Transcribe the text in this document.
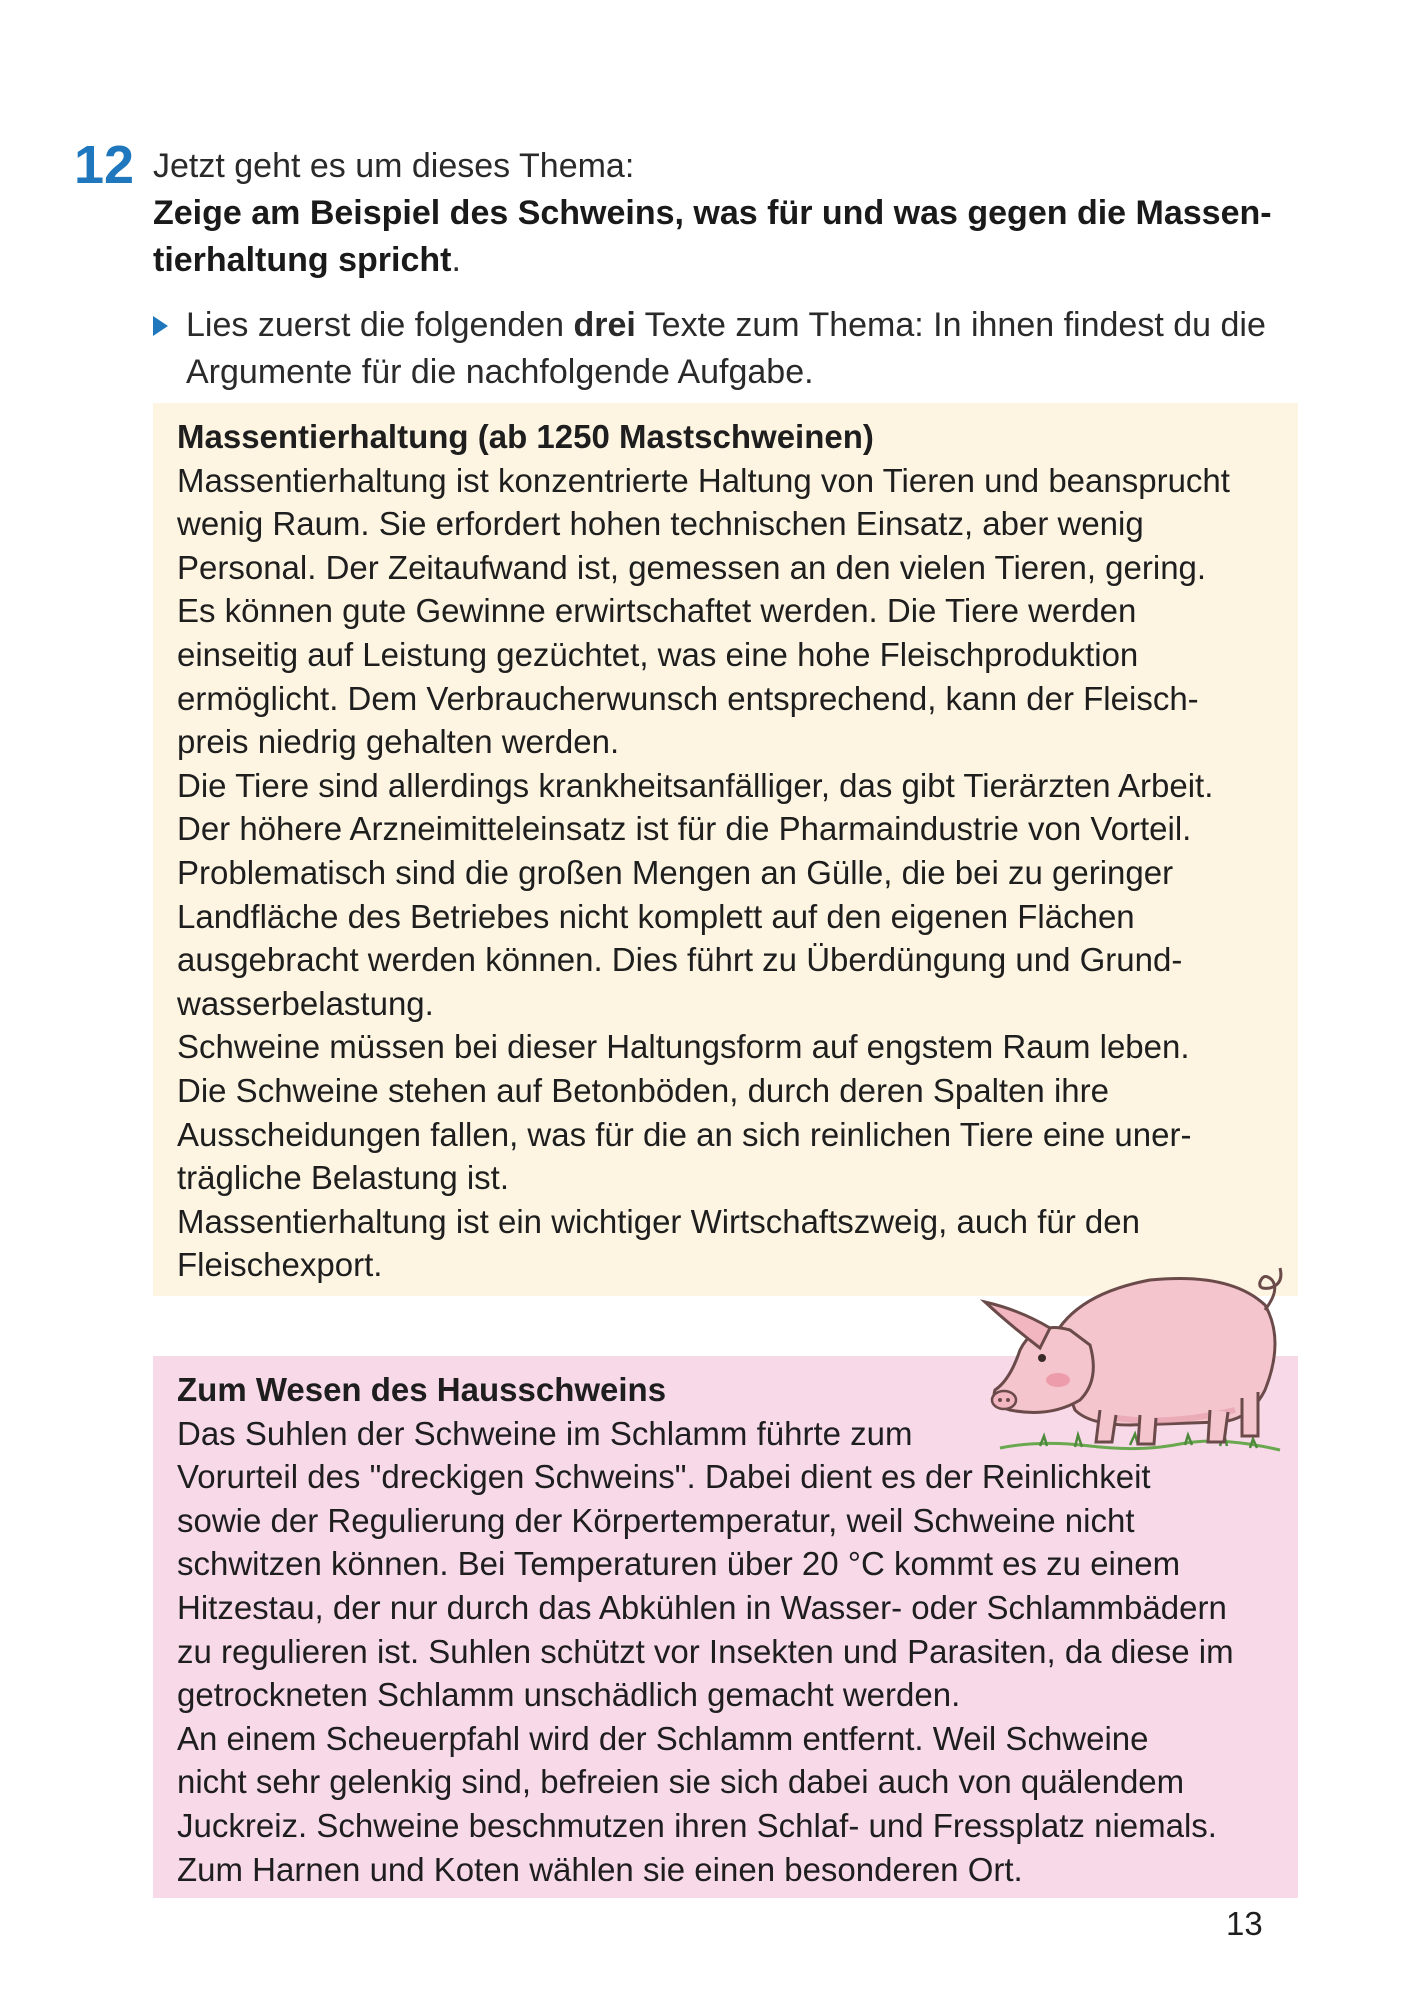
12 Jetzt geht es um dieses Thema:
Zeige am Beispiel des Schweins, was für und was gegen die Massen-
tierhaltung spricht.
Lies zuerst die folgenden drei Texte zum Thema: In ihnen findest du die
Argumente für die nachfolgende Aufgabe.
Massentierhaltung (ab 1250 Mastschweinen)
Massentierhaltung ist konzentrierte Haltung von Tieren und beansprucht
wenig Raum. Sie erfordert hohen technischen Einsatz, aber wenig
Personal. Der Zeitaufwand ist, gemessen an den vielen Tieren, gering.
Es können gute Gewinne erwirtschaftet werden. Die Tiere werden
einseitig auf Leistung gezüchtet, was eine hohe Fleischproduktion
ermöglicht. Dem Verbraucherwunsch entsprechend, kann der Fleisch-
preis niedrig gehalten werden.
Die Tiere sind allerdings krankheitsanfälliger, das gibt Tierärzten Arbeit.
Der höhere Arzneimitteleinsatz ist für die Pharmaindustrie von Vorteil.
Problematisch sind die großen Mengen an Gülle, die bei zu geringer
Landfläche des Betriebes nicht komplett auf den eigenen Flächen
ausgebracht werden können. Dies führt zu Überdüngung und Grund-
wasserbelastung.
Schweine müssen bei dieser Haltungsform auf engstem Raum leben.
Die Schweine stehen auf Betonböden, durch deren Spalten ihre
Ausscheidungen fallen, was für die an sich reinlichen Tiere eine uner-
trägliche Belastung ist.
Massentierhaltung ist ein wichtiger Wirtschaftszweig, auch für den
Fleischexport.
Zum Wesen des Hausschweins
Das Suhlen der Schweine im Schlamm führte zum
Vorurteil des "dreckigen Schweins". Dabei dient es der Reinlichkeit
sowie der Regulierung der Körpertemperatur, weil Schweine nicht
schwitzen können. Bei Temperaturen über 20 °C kommt es zu einem
Hitzestau, der nur durch das Abkühlen in Wasser- oder Schlammbädern
zu regulieren ist. Suhlen schützt vor Insekten und Parasiten, da diese im
getrockneten Schlamm unschädlich gemacht werden.
An einem Scheuerpfahl wird der Schlamm entfernt. Weil Schweine
nicht sehr gelenkig sind, befreien sie sich dabei auch von quälendem
Juckreiz. Schweine beschmutzen ihren Schlaf- und Fressplatz niemals.
Zum Harnen und Koten wählen sie einen besonderen Ort.
13
